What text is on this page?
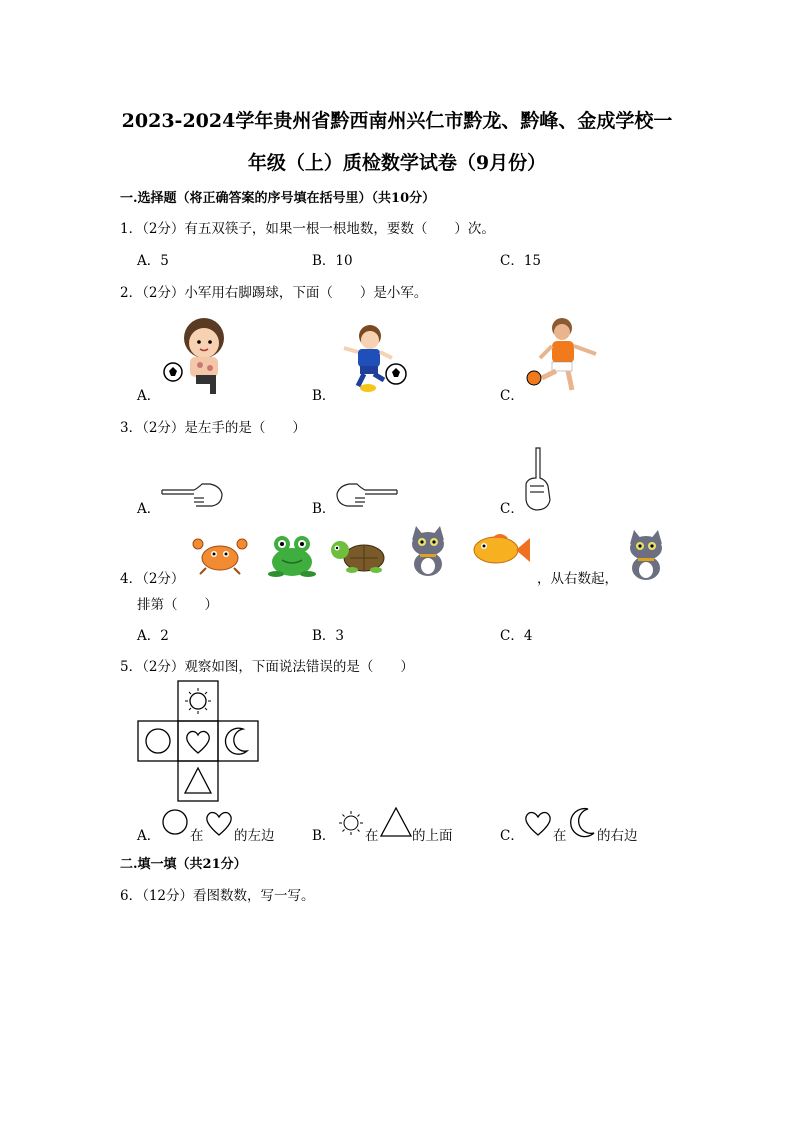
2023-2024学年贵州省黔西南州兴仁市黔龙、黔峰、金成学校一
年级（上）质检数学试卷（9月份）
一.选择题（将正确答案的序号填在括号里）（共10分）
1．（2分）有五双筷子，如果一根一根地数，要数（　　）次。
A．5	B．10	C．15
2．（2分）小军用右脚踢球，下面（　　）是小军。
A．	B．	C．
3．（2分）是左手的是（　　）
A．	B．	C．
4．（2分）	，从右数起，
排第（　　）
A．2	B．3	C．4
5．（2分）观察如图，下面说法错误的是（　　）
A． 在 的左边	B． 在 的上面	C． 在 的右边
二.填一填（共21分）
6．（12分）看图数数，写一写。
